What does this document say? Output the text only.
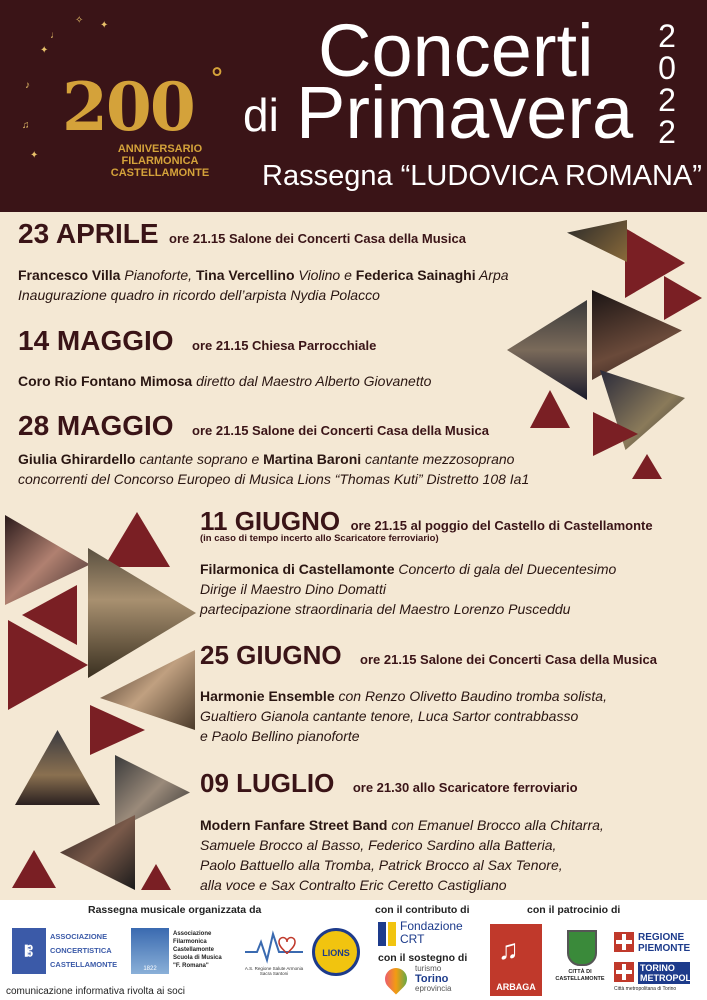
✦
✦
♪
♫
♩
✧
✦
200 °
ANNIVERSARIO
FILARMONICA
CASTELLAMONTE
Concerti
di Primavera
2
0
2
2
Rassegna “LUDOVICA ROMANA”
23 APRILE ore 21.15 Salone dei Concerti Casa della Musica
Francesco Villa Pianoforte, Tina Vercellino Violino e Federica Sainaghi Arpa
Inaugurazione quadro in ricordo dell’arpista Nydia Polacco
14 MAGGIO ore 21.15 Chiesa Parrocchiale
Coro Rio Fontano Mimosa diretto dal Maestro Alberto Giovanetto
28 MAGGIO ore 21.15 Salone dei Concerti Casa della Musica
Giulia Ghirardello cantante soprano e Martina Baroni cantante mezzosoprano
concorrenti del Concorso Europeo di Musica Lions “Thomas Kuti” Distretto 108 Ia1
11 GIUGNO ore 21.15 al poggio del Castello di Castellamonte
(in caso di tempo incerto allo Scaricatore ferroviario)
Filarmonica di Castellamonte Concerto di gala del Duecentesimo
Dirige il Maestro Dino Domatti
partecipazione straordinaria del Maestro Lorenzo Pusceddu
25 GIUGNO ore 21.15 Salone dei Concerti Casa della Musica
Harmonie Ensemble con Renzo Olivetto Baudino tromba solista,
Gualtiero Gianola cantante tenore, Luca Sartor contrabbasso
e Paolo Bellino pianoforte
09 LUGLIO ore 21.30 allo Scaricatore ferroviario
Modern Fanfare Street Band con Emanuel Brocco alla Chitarra,
Samuele Brocco al Basso, Federico Sardino alla Batteria,
Paolo Battuello alla Tromba, Patrick Brocco al Sax Tenore,
alla voce e Sax Contralto Eric Ceretto Castigliano
Rassegna musicale organizzata da	con il contributo di	con il patrocinio di
𝄡
ASSOCIAZIONE
CONCERTISTICA
CASTELLAMONTE	1822
Associazione
Filarmonica
Castellamonte
Scuola di Musica
"F. Romana"	A.S. Regione Salute Armonia Sacra Santoni
LIONS
Fondazione
CRT
con il sostegno di
turismo
Torino
eprovincia
♫
ARBAGA
CITTÀ DI
CASTELLAMONTE
REGIONE
PIEMONTE
TORINO
METROPOLI
Città metropolitana di Torino
comunicazione informativa rivolta ai soci
